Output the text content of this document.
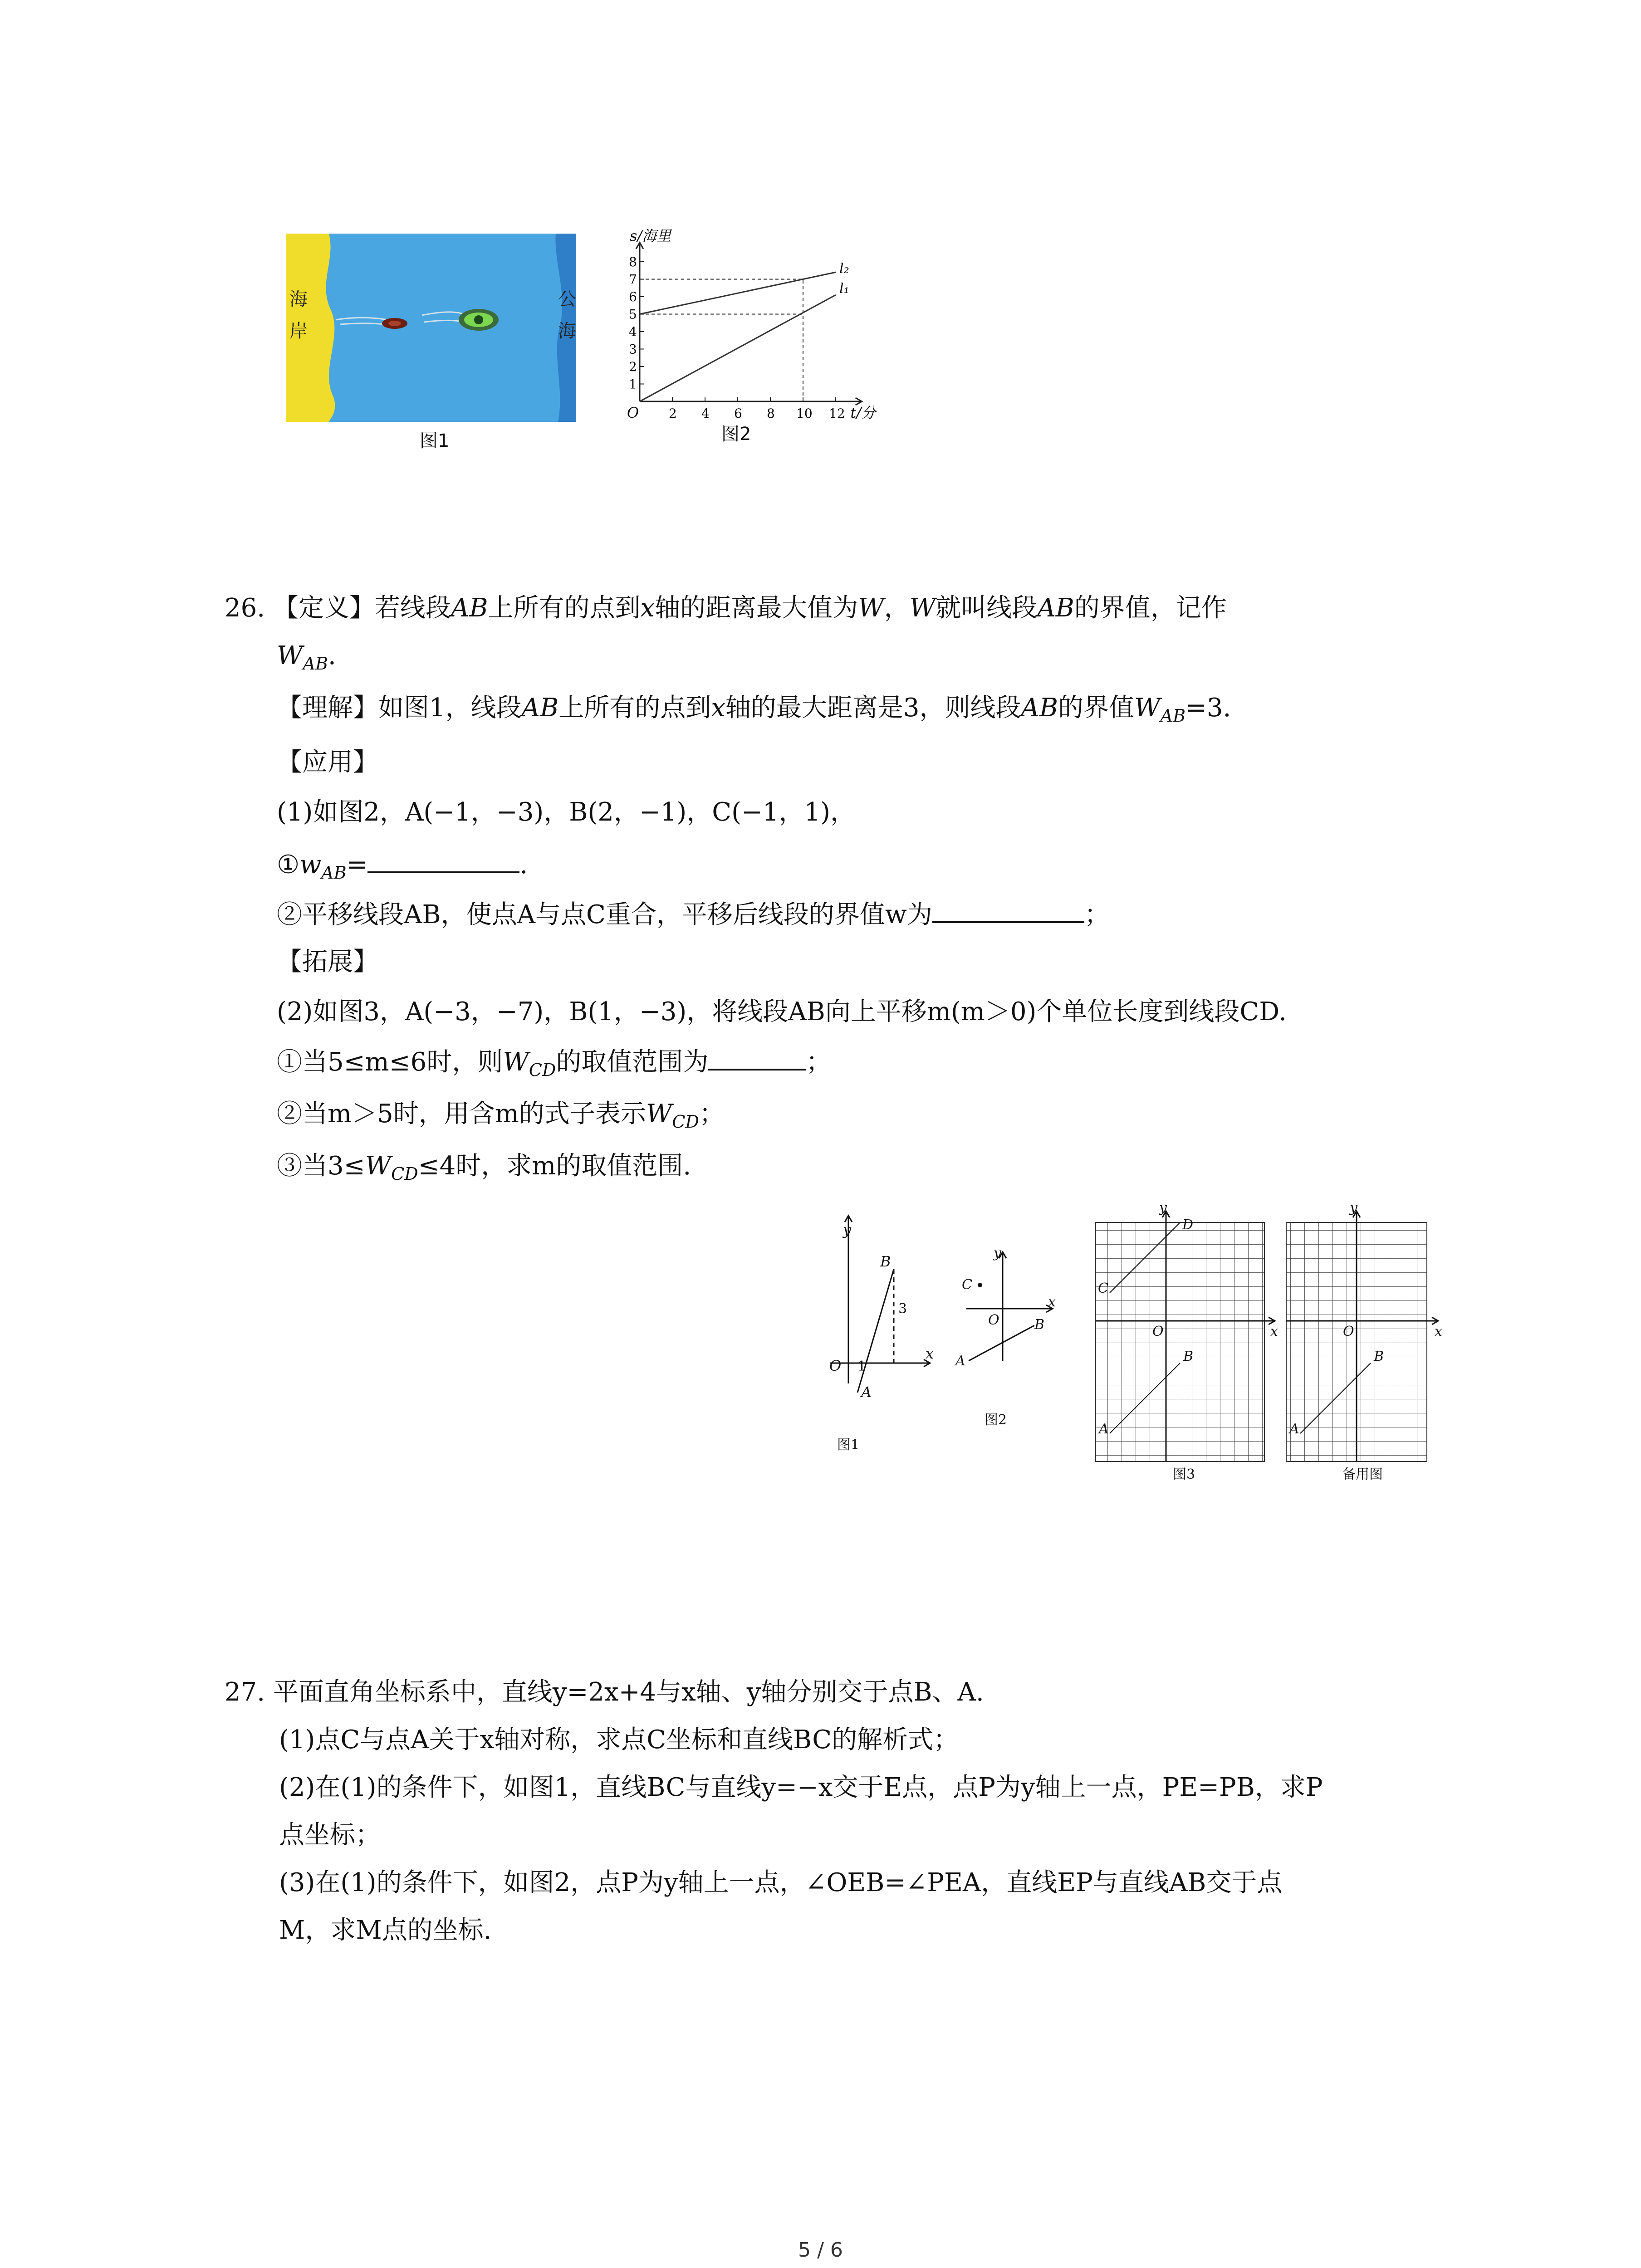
海岸
公海
图1
s/海里
t/分
O
l₂
l₁
1
2
3
4
5
6
7
8
2 4 6 8 10 12
图2
26. 【定义】若线段AB上所有的点到x轴的距离最大值为W，W就叫线段AB的界值，记作
$W_{AB}$.
【理解】如图1，线段AB上所有的点到x轴的最大距离是3，则线段AB的界值$W_{AB}=3$.
【应用】
(1)如图2，A(−1，−3)，B(2，−1)，C(−1，1)，
$①w_{AB}=$	.
②平移线段AB，使点A与点C重合，平移后线段的界值w为	；
【拓展】
(2)如图3，A(−3，−7)，B(1，−3)，将线段AB向上平移m(m＞0)个单位长度到线段CD.
①当5≤m≤6时，则$W_{CD}$的取值范围为	；
②当m＞5时，用含m的式子表示$W_{CD}$；
③当$3\le W_{CD}\le 4$时，求m的取值范围.
y
x
O
B
A
1
3
图1
y
x
O	B
A
C
图2
y
x
O
B
A
C
D
图3
y
x
O
B
A
备用图
27. 平面直角坐标系中，直线y=2x+4与x轴、y轴分别交于点B、A.
(1)点C与点A关于x轴对称，求点C坐标和直线BC的解析式；
(2)在(1)的条件下，如图1，直线BC与直线y=−x交于E点，点P为y轴上一点，PE=PB，求P
点坐标；
(3)在(1)的条件下，如图2，点P为y轴上一点，∠OEB=∠PEA，直线EP与直线AB交于点
M，求M点的坐标.
5 / 6
